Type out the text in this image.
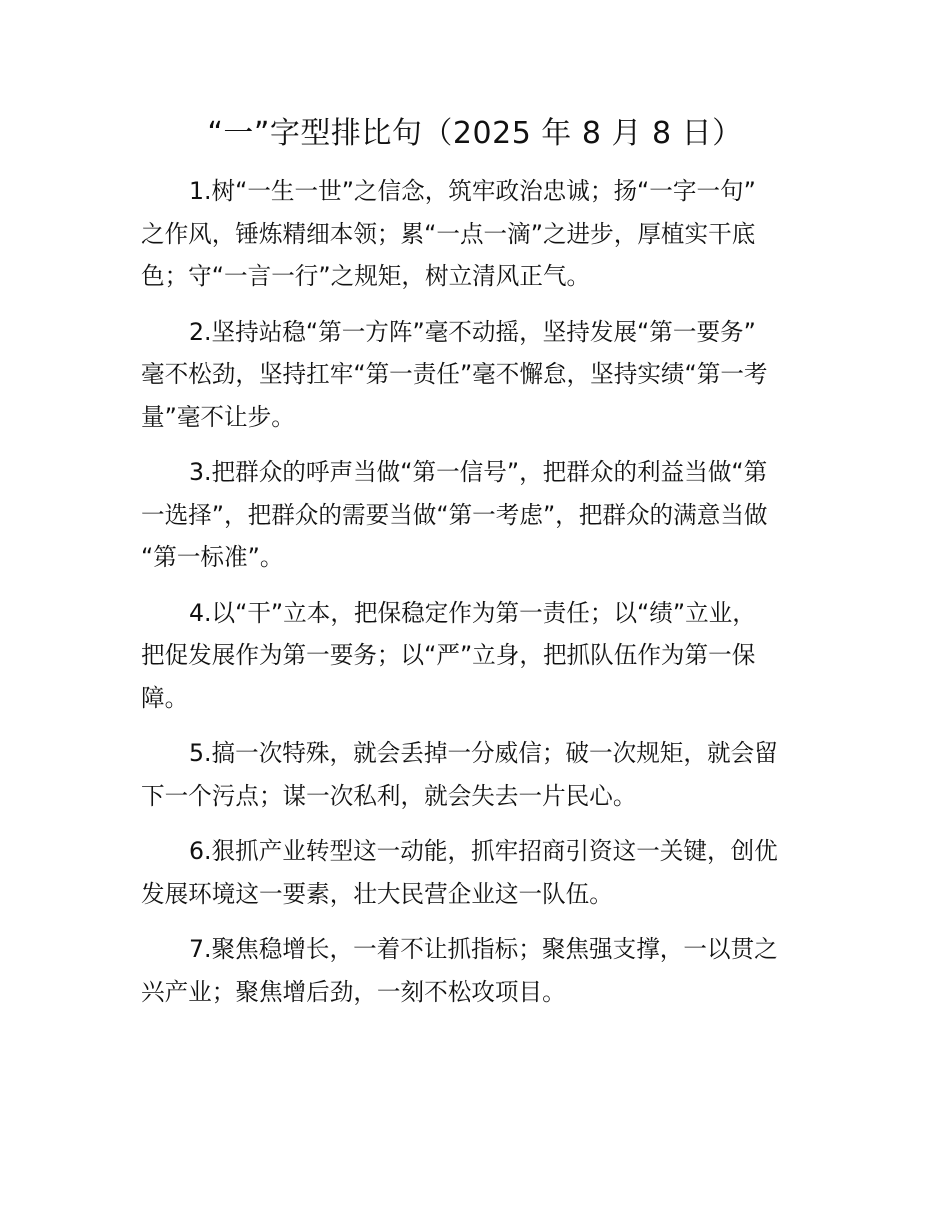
“一”字型排比句（2025 年 8 月 8 日）

1.树“一生一世”之信念，筑牢政治忠诚；扬“一字一句”
之作风，锤炼精细本领；累“一点一滴”之进步，厚植实干底
色；守“一言一行”之规矩，树立清风正气。

2.坚持站稳“第一方阵”毫不动摇，坚持发展“第一要务”
毫不松劲，坚持扛牢“第一责任”毫不懈怠，坚持实绩“第一考
量”毫不让步。

3.把群众的呼声当做“第一信号”，把群众的利益当做“第
一选择”，把群众的需要当做“第一考虑”，把群众的满意当做
“第一标准”。

4.以“干”立本，把保稳定作为第一责任；以“绩”立业，
把促发展作为第一要务；以“严”立身，把抓队伍作为第一保
障。

5.搞一次特殊，就会丢掉一分威信；破一次规矩，就会留
下一个污点；谋一次私利，就会失去一片民心。

6.狠抓产业转型这一动能，抓牢招商引资这一关键，创优
发展环境这一要素，壮大民营企业这一队伍。

7.聚焦稳增长，一着不让抓指标；聚焦强支撑，一以贯之
兴产业；聚焦增后劲，一刻不松攻项目。
